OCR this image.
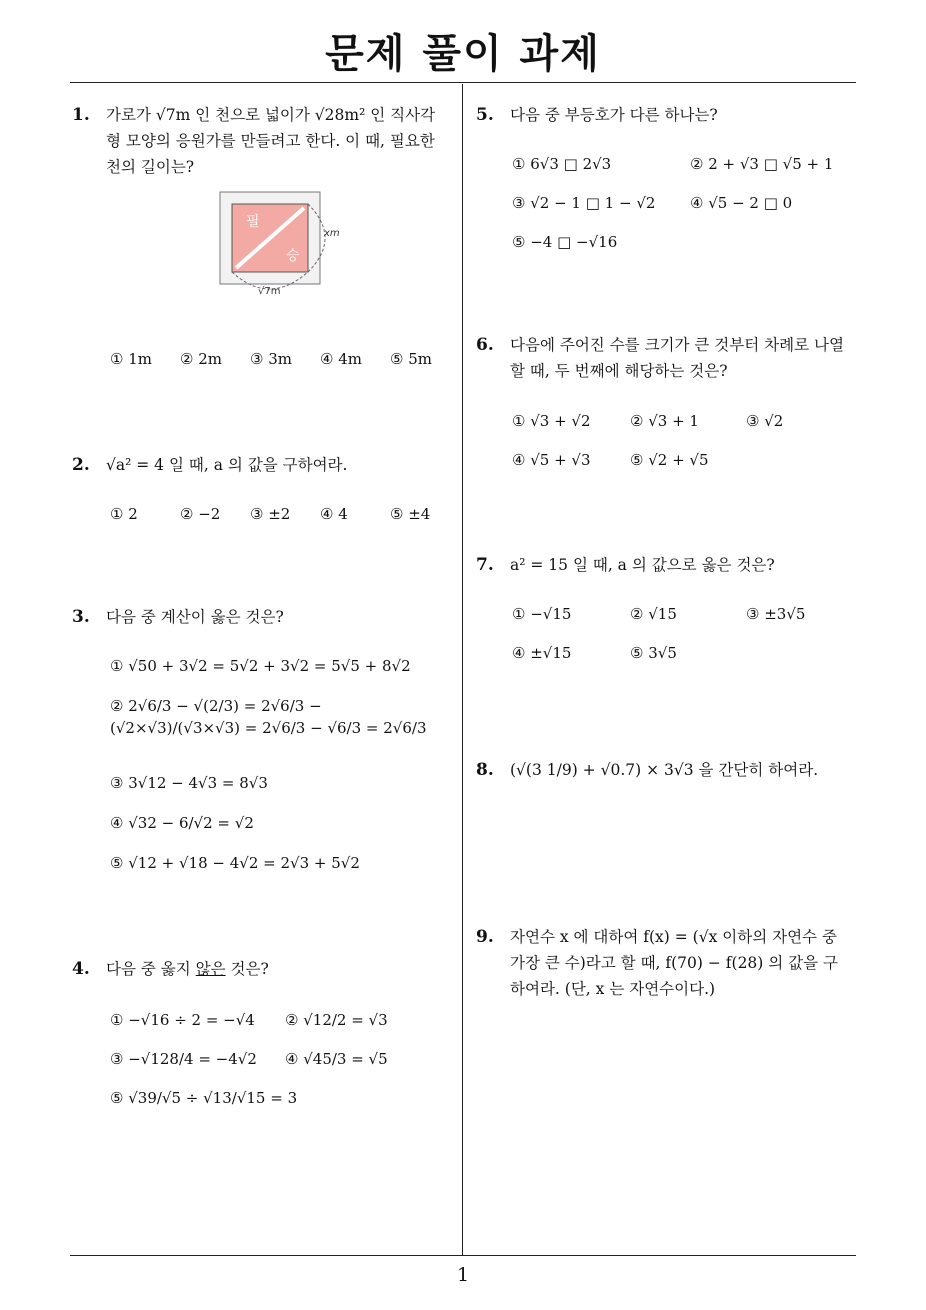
문제 풀이 과제
1
1. 가로가 √7m 인 천으로 넓이가 √28m² 인 직사각형 모양의 응원가를 만들려고 한다. 이 때, 필요한 천의 길이는?
필
승
xm
√7m
① 1m ② 2m ③ 3m ④ 4m ⑤ 5m
2. √a² = 4 일 때, a 의 값을 구하여라.
① 2	② −2 ③ ±2 ④ 4	⑤ ±4
3. 다음 중 계산이 옳은 것은?
① √50 + 3√2 = 5√2 + 3√2 = 5√5 + 8√2
② 2√6/3 − √(2/3) = 2√6/3 − (√2×√3)/(√3×√3) = 2√6/3 − √6/3 = 2√6/3
③ 3√12 − 4√3 = 8√3
④ √32 − 6/√2 = √2
⑤ √12 + √18 − 4√2 = 2√3 + 5√2
4. 다음 중 옳지 않은 것은?
① −√16 ÷ 2 = −√4 ② √12/2 = √3
③ −√128/4 = −4√2 ④ √45/3 = √5
⑤ √39/√5 ÷ √13/√15 = 3
5. 다음 중 부등호가 다른 하나는?
① 6√3 □ 2√3	② 2 + √3 □ √5 + 1
③ √2 − 1 □ 1 − √2 ④ √5 − 2 □ 0
⑤ −4 □ −√16
6. 다음에 주어진 수를 크기가 큰 것부터 차례로 나열할 때, 두 번째에 해당하는 것은?
① √3 + √2	② √3 + 1	③ √2
④ √5 + √3	⑤ √2 + √5
7. a² = 15 일 때, a 의 값으로 옳은 것은?
① −√15	② √15	③ ±3√5
④ ±√15	⑤ 3√5
8. (√(3 1/9) + √0.7) × 3√3 을 간단히 하여라.
9. 자연수 x 에 대하여 f(x) = (√x 이하의 자연수 중 가장 큰 수)라고 할 때, f(70) − f(28) 의 값을 구하여라. (단, x 는 자연수이다.)
